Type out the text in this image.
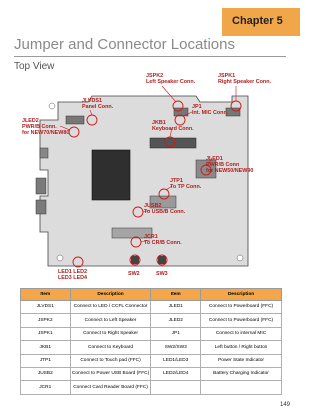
Chapter 5
Jumper and Connector Locations
Top View
JSPK2
Left Speaker Conn.
JSPK1
Right Speaker Conn.
JLVDS1
Panel Conn.	JP1
Int. MIC Conn.
JLED2
PWR/B Conn.
for NEW70/NEW80
JKB1
Keyboard Conn.
JLED1
PWR/B Conn
for NEW50/NEW90
JTP1
To TP Conn.
JUSB2
To USB/B Conn.
JCR1
To CR/B Conn.
LED1 LED2
LED3 LED4
SW2	SW3
Item	Description	Item	Description
JLVDS1	Connect to LED / CCFL Connector	JLED1	Connect to Powerboard (FFC)
JSPK2	Connect to Left Speaker	JLED2	Connect to Powerboard (FFC)
JSPK1	Connect to Right Speaker	JP1	Connect to internal MIC
JKB1	Connect to Keyboard	SW2/SW3	Left button / Right button
JTP1	Connect to Touch pad (FFC)	LED1/LED3	Power State Indicator
JUSB2	Connect to Power USB Board (FFC)	LED2/LED4	Battery Charging Indicator
JCR1	Connect Card Reader Board (FFC)		
149
